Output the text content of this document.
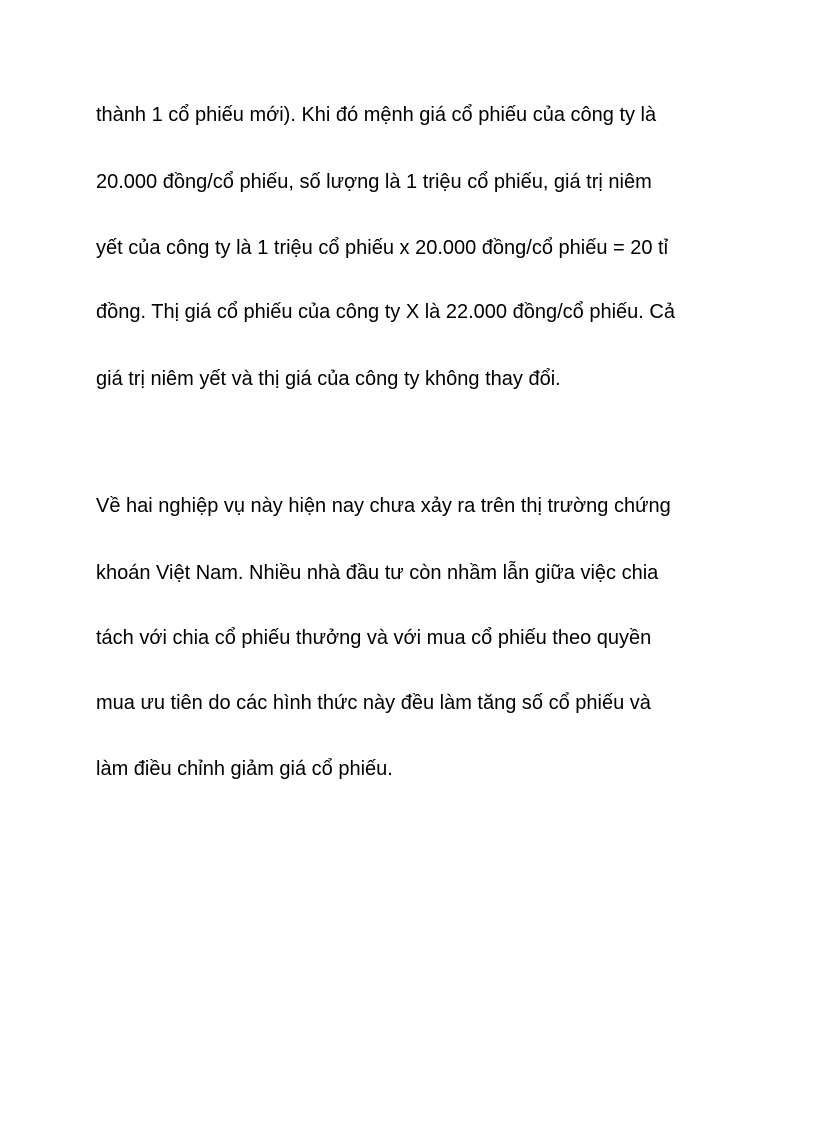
thành 1 cổ phiếu mới). Khi đó mệnh giá cổ phiếu của công ty là

20.000 đồng/cổ phiếu, số lượng là 1 triệu cổ phiếu, giá trị niêm

yết của công ty là 1 triệu cổ phiếu x 20.000 đồng/cổ phiếu = 20 tỉ

đồng. Thị giá cổ phiếu của công ty X là 22.000 đồng/cổ phiếu. Cả

giá trị niêm yết và thị giá của công ty không thay đổi.

Về hai nghiệp vụ này hiện nay chưa xảy ra trên thị trường chứng

khoán Việt Nam. Nhiều nhà đầu tư còn nhầm lẫn giữa việc chia

tách với chia cổ phiếu thưởng và với mua cổ phiếu theo quyền

mua ưu tiên do các hình thức này đều làm tăng số cổ phiếu và

làm điều chỉnh giảm giá cổ phiếu.
